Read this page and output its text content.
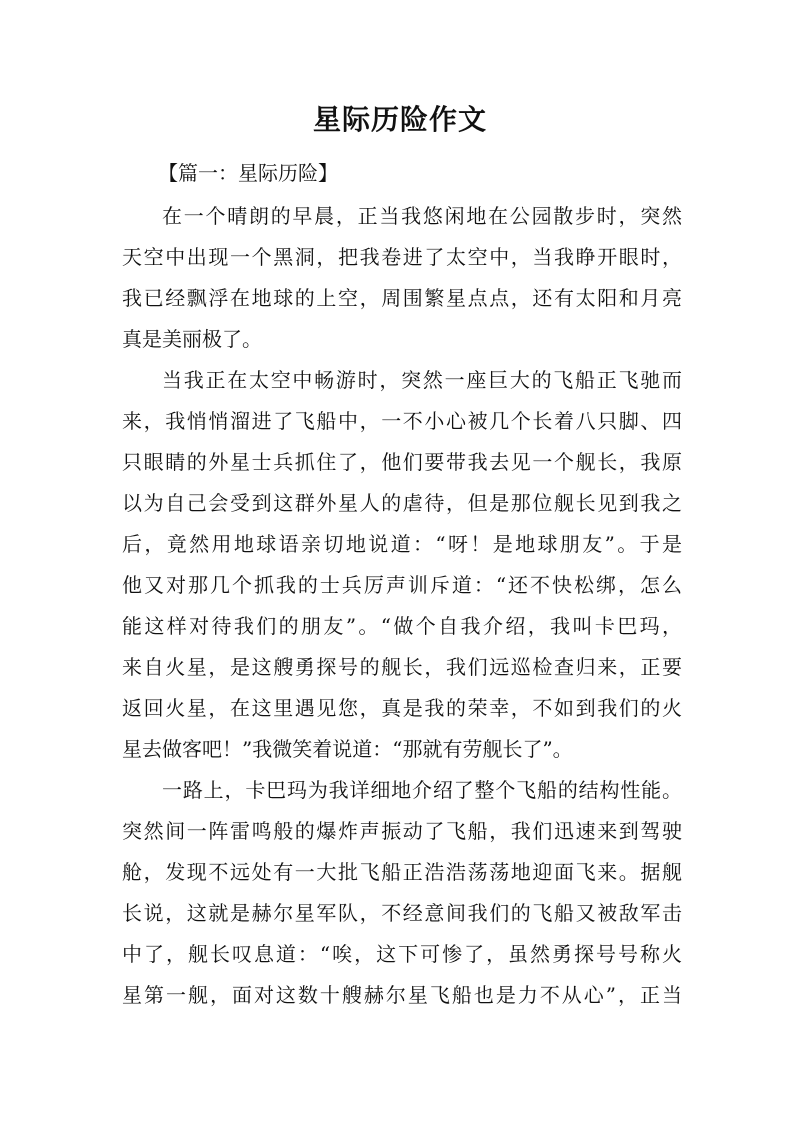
星际历险作文
【篇一：星际历险】
在一个晴朗的早晨，正当我悠闲地在公园散步时，突然
天空中出现一个黑洞，把我卷进了太空中，当我睁开眼时，
我已经飘浮在地球的上空，周围繁星点点，还有太阳和月亮
真是美丽极了。
当我正在太空中畅游时，突然一座巨大的飞船正飞驰而
来，我悄悄溜进了飞船中，一不小心被几个长着八只脚、四
只眼睛的外星士兵抓住了，他们要带我去见一个舰长，我原
以为自己会受到这群外星人的虐待，但是那位舰长见到我之
后，竟然用地球语亲切地说道：“呀！是地球朋友”。于是
他又对那几个抓我的士兵厉声训斥道：“还不快松绑，怎么
能这样对待我们的朋友”。“做个自我介绍，我叫卡巴玛，
来自火星，是这艘勇探号的舰长，我们远巡检查归来，正要
返回火星，在这里遇见您，真是我的荣幸，不如到我们的火
星去做客吧！”我微笑着说道：“那就有劳舰长了”。
一路上，卡巴玛为我详细地介绍了整个飞船的结构性能。
突然间一阵雷鸣般的爆炸声振动了飞船，我们迅速来到驾驶
舱，发现不远处有一大批飞船正浩浩荡荡地迎面飞来。据舰
长说，这就是赫尔星军队，不经意间我们的飞船又被敌军击
中了，舰长叹息道：“唉，这下可惨了，虽然勇探号号称火
星第一舰，面对这数十艘赫尔星飞船也是力不从心”，正当
